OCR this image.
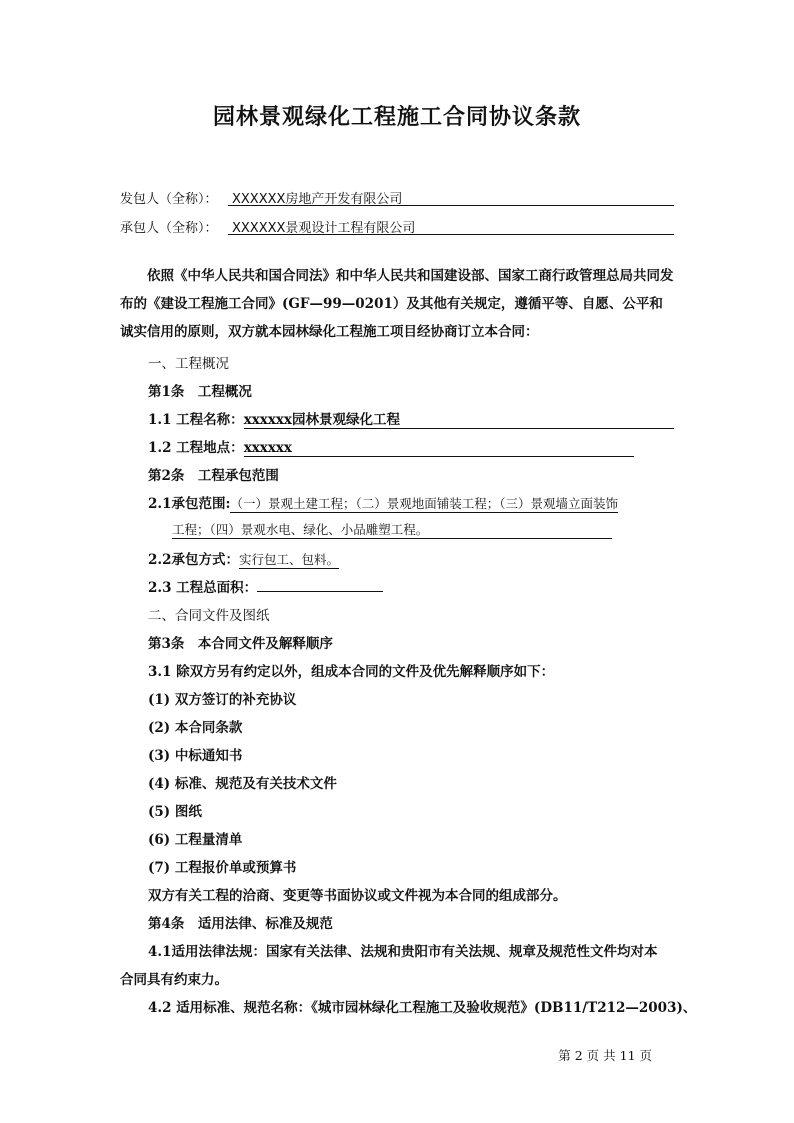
园林景观绿化工程施工合同协议条款
发包人（全称）：	XXXXXX房地产开发有限公司
承包人（全称）：	XXXXXX景观设计工程有限公司
依照《中华人民共和国合同法》和中华人民共和国建设部、国家工商行政管理总局共同发布的《建设工程施工合同》(GF—99—0201）及其他有关规定，遵循平等、自愿、公平和诚实信用的原则，双方就本园林绿化工程施工项目经协商订立本合同：
一、工程概况
第1条　工程概况
1.1 工程名称：xxxxxx园林景观绿化工程
1.2 工程地点：xxxxxx
第2条　工程承包范围
2.1承包范围:（一）景观土建工程；（二）景观地面铺装工程；（三）景观墙立面装饰
工程；（四）景观水电、绿化、小品雕塑工程。
2.2承包方式：实行包工、包料。
2.3 工程总面积：
二、合同文件及图纸
第3条　本合同文件及解释顺序
3.1 除双方另有约定以外，组成本合同的文件及优先解释顺序如下：
(1) 双方签订的补充协议
(2) 本合同条款
(3) 中标通知书
(4) 标准、规范及有关技术文件
(5) 图纸
(6) 工程量清单
(7) 工程报价单或预算书
双方有关工程的洽商、变更等书面协议或文件视为本合同的组成部分。
第4条　适用法律、标准及规范
4.1适用法律法规：国家有关法律、法规和贵阳市有关法规、规章及规范性文件均对本
合同具有约束力。
4.2 适用标准、规范名称：《城市园林绿化工程施工及验收规范》(DB11/T212—2003)、
第 2 页 共 11 页
